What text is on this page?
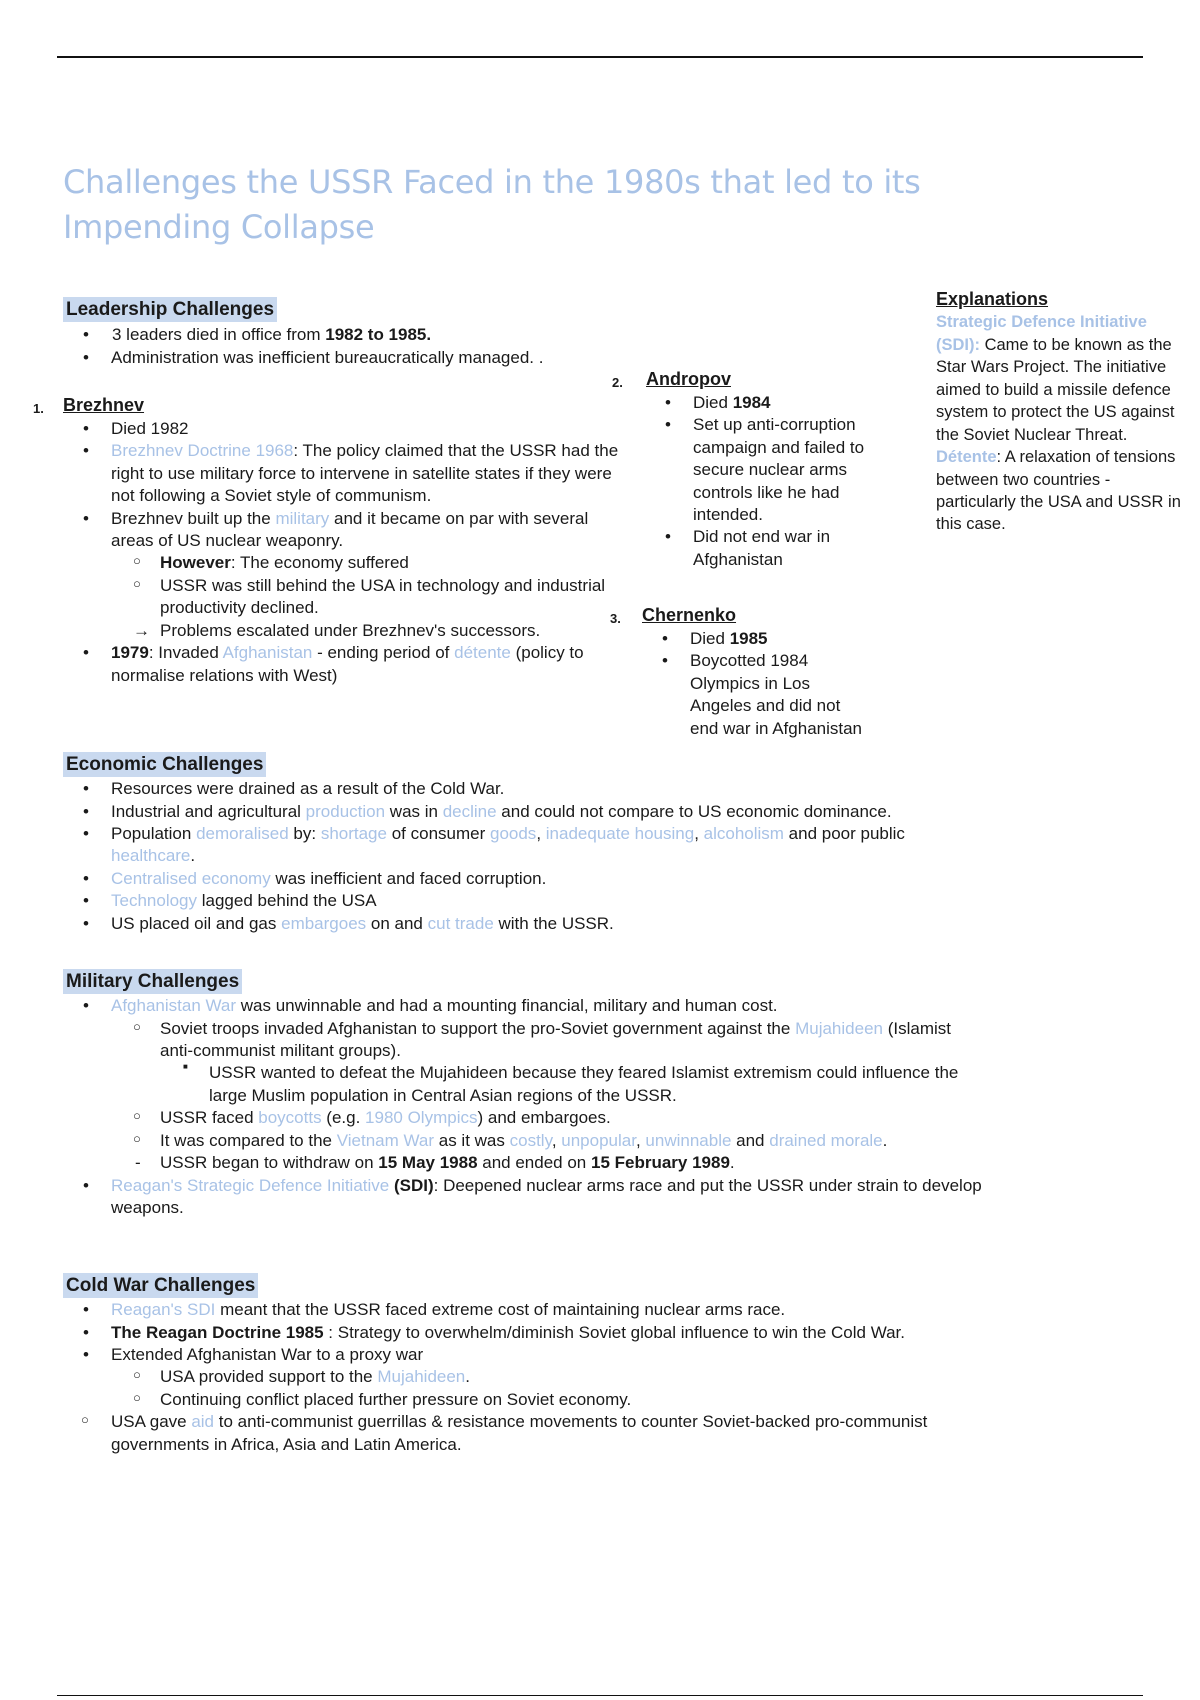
Challenges the USSR Faced in the 1980s that led to its Impending Collapse
Leadership Challenges
• 3 leaders died in office from 1982 to 1985.
• Administration was inefficient bureaucratically managed. .
1. Brezhnev
• Died 1982
• Brezhnev Doctrine 1968: The policy claimed that the USSR had the right to use military force to intervene in satellite states if they were not following a Soviet style of communism.
• Brezhnev built up the military and it became on par with several areas of US nuclear weaponry.
○ However: The economy suffered
○ USSR was still behind the USA in technology and industrial productivity declined.
→ Problems escalated under Brezhnev's successors.
• 1979: Invaded Afghanistan - ending period of détente (policy to normalise relations with West)
2. Andropov
• Died 1984
• Set up anti-corruption campaign and failed to secure nuclear arms controls like he had intended.
• Did not end war in Afghanistan
3. Chernenko
• Died 1985
• Boycotted 1984 Olympics in Los Angeles and did not end war in Afghanistan
Explanations
Strategic Defence Initiative (SDI): Came to be known as the Star Wars Project. The initiative aimed to build a missile defence system to protect the US against the Soviet Nuclear Threat.
Détente: A relaxation of tensions between two countries - particularly the USA and USSR in this case.
Economic Challenges
• Resources were drained as a result of the Cold War.
• Industrial and agricultural production was in decline and could not compare to US economic dominance.
• Population demoralised by: shortage of consumer goods, inadequate housing, alcoholism and poor public healthcare.
• Centralised economy was inefficient and faced corruption.
• Technology lagged behind the USA
• US placed oil and gas embargoes on and cut trade with the USSR.
Military Challenges
• Afghanistan War was unwinnable and had a mounting financial, military and human cost.
○ Soviet troops invaded Afghanistan to support the pro-Soviet government against the Mujahideen (Islamist anti-communist militant groups).
■ USSR wanted to defeat the Mujahideen because they feared Islamist extremism could influence the large Muslim population in Central Asian regions of the USSR.
○ USSR faced boycotts (e.g. 1980 Olympics) and embargoes.
○ It was compared to the Vietnam War as it was costly, unpopular, unwinnable and drained morale.
- USSR began to withdraw on 15 May 1988 and ended on 15 February 1989.
• Reagan's Strategic Defence Initiative (SDI): Deepened nuclear arms race and put the USSR under strain to develop weapons.
Cold War Challenges
• Reagan's SDI meant that the USSR faced extreme cost of maintaining nuclear arms race.
• The Reagan Doctrine 1985 : Strategy to overwhelm/diminish Soviet global influence to win the Cold War.
• Extended Afghanistan War to a proxy war
○ USA provided support to the Mujahideen.
○ Continuing conflict placed further pressure on Soviet economy.
○ USA gave aid to anti-communist guerrillas & resistance movements to counter Soviet-backed pro-communist governments in Africa, Asia and Latin America.
